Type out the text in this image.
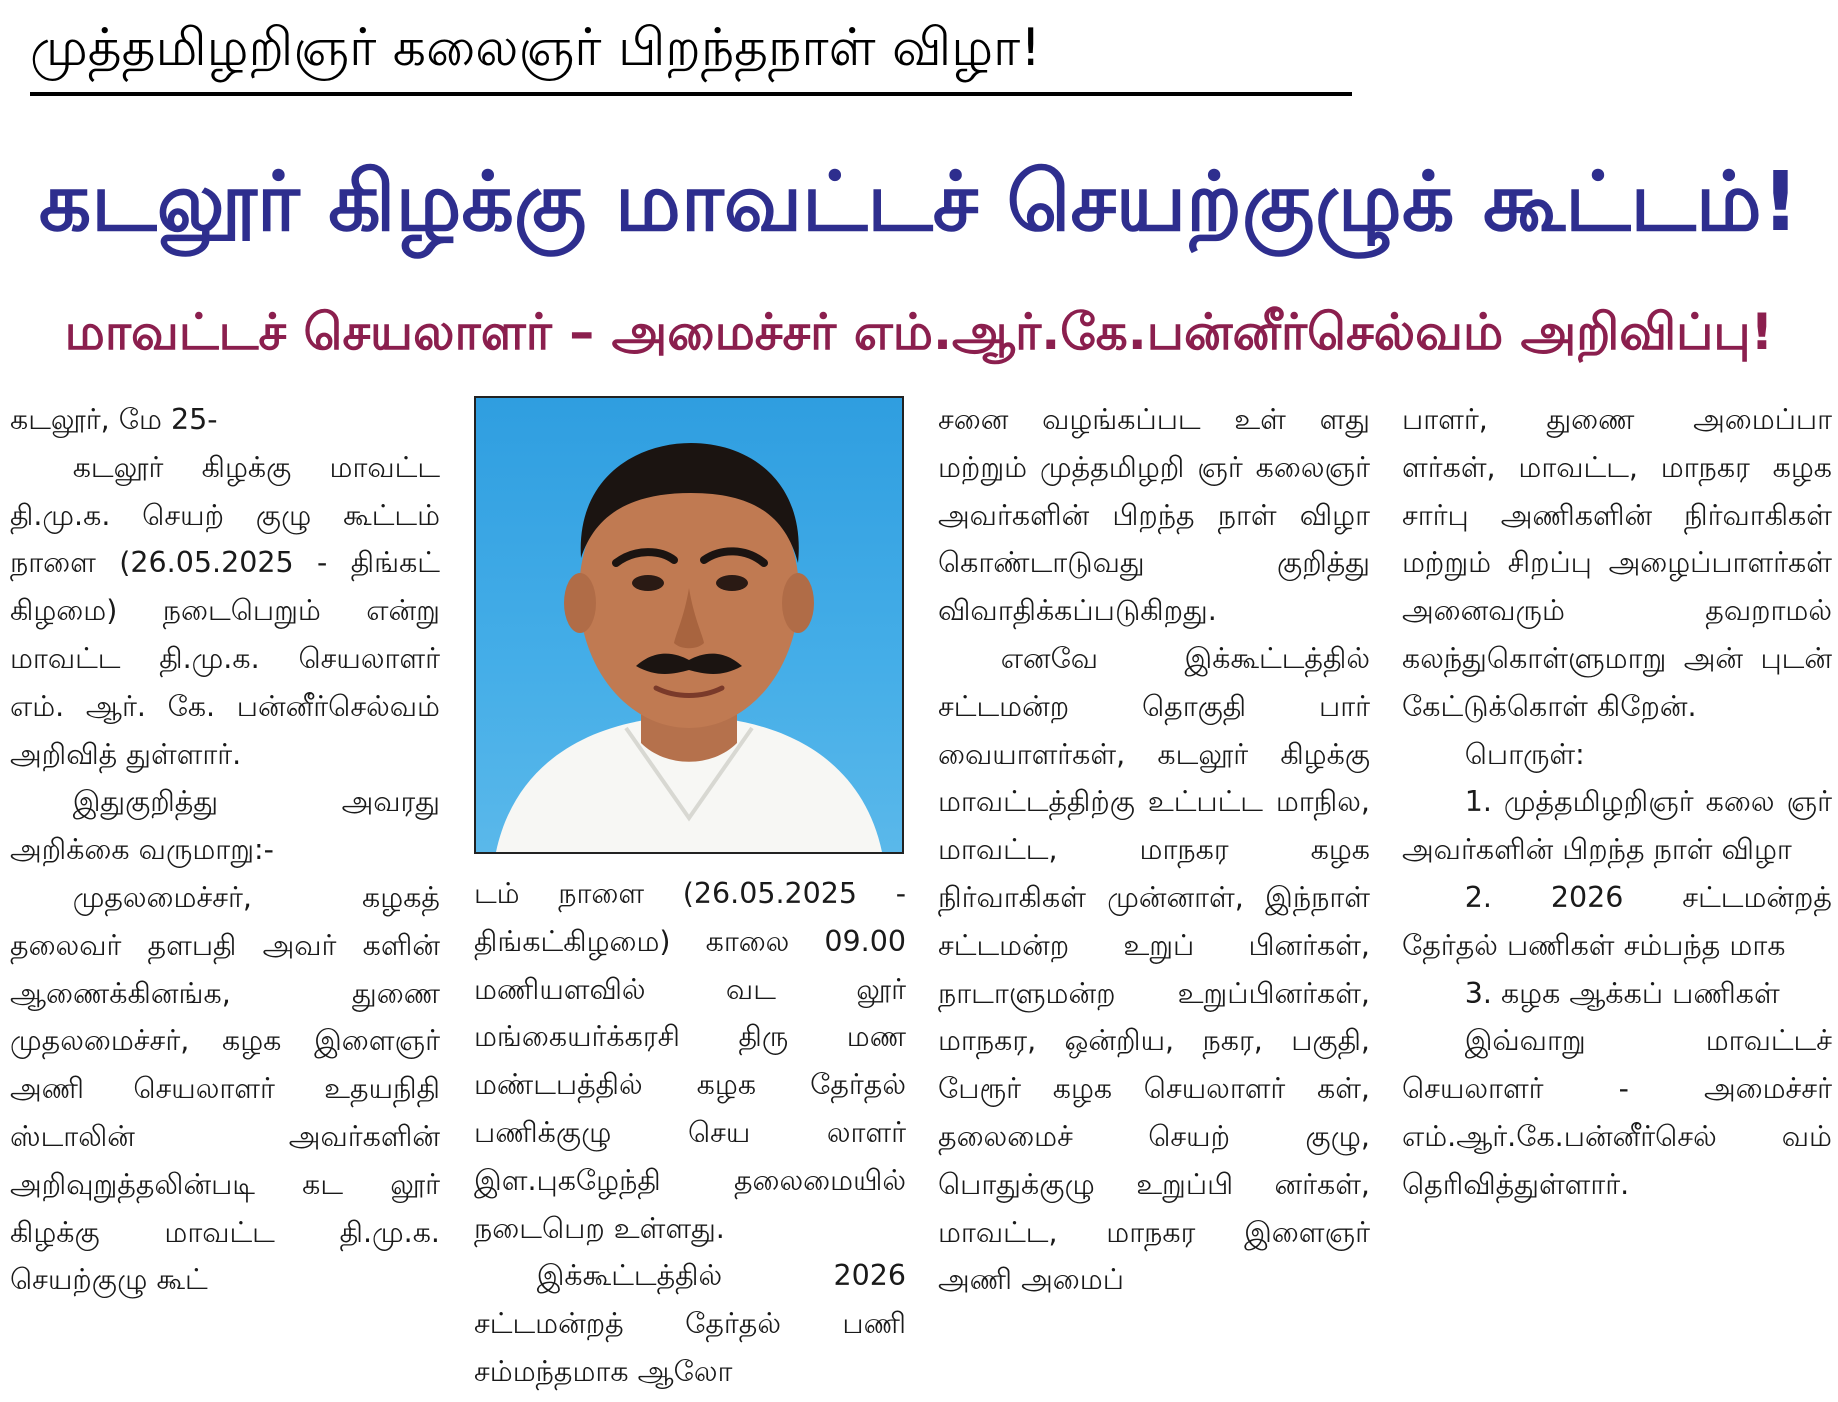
முத்தமிழறிஞர் கலைஞர் பிறந்தநாள் விழா!
கடலூர் கிழக்கு மாவட்டச் செயற்குழுக் கூட்டம்!
மாவட்டச் செயலாளர் – அமைச்சர் எம்.ஆர்.கே.பன்னீர்செல்வம் அறிவிப்பு!

கடலூர், மே 25-

கடலூர் கிழக்கு மாவட்ட தி.மு.க. செயற் குழு கூட்டம் நாளை (26.05.2025 - திங்கட் கிழமை) நடைபெறும் என்று மாவட்ட தி.மு.க. செயலாளர் எம். ஆர். கே. பன்னீர்செல்வம் அறிவித் துள்ளார்.

இதுகுறித்து அவரது அறிக்கை வருமாறு:-

முதலமைச்சர், கழகத் தலைவர் தளபதி அவர் களின் ஆணைக்கினங்க, துணை முதலமைச்சர், கழக இளைஞர் அணி செயலாளர் உதயநிதி ஸ்டாலின் அவர்களின் அறிவுறுத்தலின்படி கட லூர் கிழக்கு மாவட்ட தி.மு.க. செயற்குழு கூட்

டம் நாளை (26.05.2025 - திங்கட்கிழமை) காலை 09.00 மணியளவில் வட லூர் மங்கையர்க்கரசி திரு மண மண்டபத்தில் கழக தேர்தல் பணிக்குழு செய லாளர் இள.புகழேந்தி தலைமையில் நடைபெற உள்ளது.

இக்கூட்டத்தில் 2026 சட்டமன்றத் தேர்தல் பணி சம்மந்தமாக ஆலோ

சனை வழங்கப்பட உள் ளது மற்றும் முத்தமிழறி ஞர் கலைஞர் அவர்களின் பிறந்த நாள் விழா கொண்டாடுவது குறித்து விவாதிக்கப்படுகிறது.

எனவே இக்கூட்டத்தில் சட்டமன்ற தொகுதி பார் வையாளர்கள், கடலூர் கிழக்கு மாவட்டத்திற்கு உட்பட்ட மாநில, மாவட்ட, மாநகர கழக நிர்வாகிகள் முன்னாள், இந்நாள் சட்டமன்ற உறுப் பினர்கள், நாடாளுமன்ற உறுப்பினர்கள், மாநகர, ஒன்றிய, நகர, பகுதி, பேரூர் கழக செயலாளர் கள், தலைமைச் செயற் குழு, பொதுக்குழு உறுப்பி னர்கள், மாவட்ட, மாநகர இளைஞர் அணி அமைப்

பாளர், துணை அமைப்பா ளர்கள், மாவட்ட, மாநகர கழக சார்பு அணிகளின் நிர்வாகிகள் மற்றும் சிறப்பு அழைப்பாளர்கள் அனைவரும் தவறாமல் கலந்துகொள்ளுமாறு அன் புடன் கேட்டுக்கொள் கிறேன்.

பொருள்:

1. முத்தமிழறிஞர் கலை ஞர் அவர்களின் பிறந்த நாள் விழா

2. 2026 சட்டமன்றத் தேர்தல் பணிகள் சம்பந்த மாக

3. கழக ஆக்கப் பணிகள்

இவ்வாறு மாவட்டச் செயலாளர் - அமைச்சர் எம்.ஆர்.கே.பன்னீர்செல் வம் தெரிவித்துள்ளார்.
